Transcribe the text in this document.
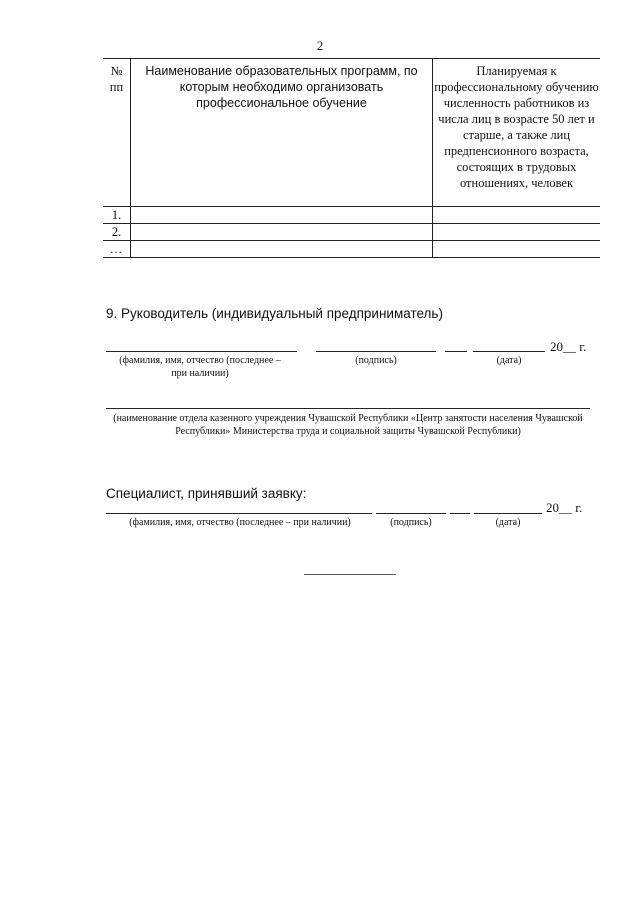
2
№ пп	Наименование образовательных программ, по которым необходимо организовать профессиональное обучение	Планируемая к профессиональному обучению численность работников из числа лиц в возрасте 50 лет и старше, а также лиц предпенсионного возраста, состоящих в трудовых отношениях, человек
1.		
2.		
…		
9. Руководитель (индивидуальный предприниматель)
20__ г.
(фамилия, имя, отчество (последнее – при наличии)
(подпись)	(дата)
(наименование отдела казенного учреждения Чувашской Республики «Центр занятости населения Чувашской Республики» Министерства труда и социальной защиты Чувашской Республики)
Специалист, принявший заявку:
20__ г.
(фамилия, имя, отчество (последнее – при наличии)	(подпись)	(дата)
